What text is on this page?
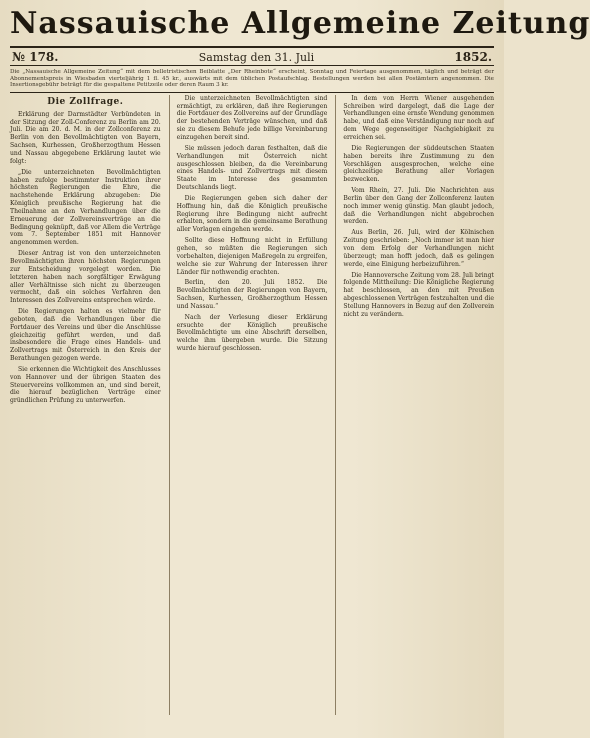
Nassauische Allgemeine Zeitung
№ 178.	Samstag den 31. Juli	1852.
Die „Nassauische Allgemeine Zeitung“ mit dem belletristischen Beiblatte „Der Rheinbote“ erscheint, Sonntag und Feiertage ausgenommen, täglich und beträgt der Abonnementspreis in Wiesbaden vierteljährig 1 fl. 45 kr., auswärts mit dem üblichen Postaufschlag. Bestellungen werden bei allen Postämtern angenommen. Die Insertionsgebühr beträgt für die gespaltene Petitzeile oder deren Raum 3 kr.
Die Zollfrage.

Erklärung der Darmstädter Verbündeten in der Sitzung der Zoll-Conferenz zu Berlin am 20. Juli. Die am 20. d. M. in der Zollconferenz zu Berlin von den Bevollmächtigten von Bayern, Sachsen, Kurhessen, Großherzogthum Hessen und Nassau abgegebene Erklärung lautet wie folgt:

„Die unterzeichneten Bevollmächtigten haben zufolge bestimmter Instruktion ihrer höchsten Regierungen die Ehre, die nachstehende Erklärung abzugeben: Die Königlich preußische Regierung hat die Theilnahme an den Verhandlungen über die Erneuerung der Zollvereinsverträge an die Bedingung geknüpft, daß vor Allem die Verträge vom 7. September 1851 mit Hannover angenommen werden.

Dieser Antrag ist von den unterzeichneten Bevollmächtigten ihren höchsten Regierungen zur Entscheidung vorgelegt worden. Die letzteren haben nach sorgfältiger Erwägung aller Verhältnisse sich nicht zu überzeugen vermocht, daß ein solches Verfahren den Interessen des Zollvereins entsprechen würde.

Die Regierungen halten es vielmehr für geboten, daß die Verhandlungen über die Fortdauer des Vereins und über die Anschlüsse gleichzeitig geführt werden, und daß insbesondere die Frage eines Handels- und Zollvertrags mit Österreich in den Kreis der Berathungen gezogen werde.

Sie erkennen die Wichtigkeit des Anschlusses von Hannover und der übrigen Staaten des Steuervereins vollkommen an, und sind bereit, die hierauf bezüglichen Verträge einer gründlichen Prüfung zu unterwerfen.

Die unterzeichneten Bevollmächtigten sind ermächtigt, zu erklären, daß ihre Regierungen die Fortdauer des Zollvereins auf der Grundlage der bestehenden Verträge wünschen, und daß sie zu diesem Behufe jede billige Vereinbarung einzugehen bereit sind.

Sie müssen jedoch daran festhalten, daß die Verhandlungen mit Österreich nicht ausgeschlossen bleiben, da die Vereinbarung eines Handels- und Zollvertrags mit diesem Staate im Interesse des gesammten Deutschlands liegt.

Die Regierungen geben sich daher der Hoffnung hin, daß die Königlich preußische Regierung ihre Bedingung nicht aufrecht erhalten, sondern in die gemeinsame Berathung aller Vorlagen eingehen werde.

Sollte diese Hoffnung nicht in Erfüllung gehen, so müßten die Regierungen sich vorbehalten, diejenigen Maßregeln zu ergreifen, welche sie zur Wahrung der Interessen ihrer Länder für nothwendig erachten.

Berlin, den 20. Juli 1852. Die Bevollmächtigten der Regierungen von Bayern, Sachsen, Kurhessen, Großherzogthum Hessen und Nassau.“

Nach der Verlesung dieser Erklärung ersuchte der Königlich preußische Bevollmächtigte um eine Abschrift derselben, welche ihm übergeben wurde. Die Sitzung wurde hierauf geschlossen.

In dem von Herrn Wiener ausgehenden Schreiben wird dargelegt, daß die Lage der Verhandlungen eine ernste Wendung genommen habe, und daß eine Verständigung nur noch auf dem Wege gegenseitiger Nachgiebigkeit zu erreichen sei.

Die Regierungen der süddeutschen Staaten haben bereits ihre Zustimmung zu den Vorschlägen ausgesprochen, welche eine gleichzeitige Berathung aller Vorlagen bezwecken.

Vom Rhein, 27. Juli. Die Nachrichten aus Berlin über den Gang der Zollconferenz lauten noch immer wenig günstig. Man glaubt jedoch, daß die Verhandlungen nicht abgebrochen werden.

Aus Berlin, 26. Juli, wird der Kölnischen Zeitung geschrieben: „Noch immer ist man hier von dem Erfolg der Verhandlungen nicht überzeugt; man hofft jedoch, daß es gelingen werde, eine Einigung herbeizuführen.“

Die Hannoversche Zeitung vom 28. Juli bringt folgende Mittheilung: Die Königliche Regierung hat beschlossen, an den mit Preußen abgeschlossenen Verträgen festzuhalten und die Stellung Hannovers in Bezug auf den Zollverein nicht zu verändern.
